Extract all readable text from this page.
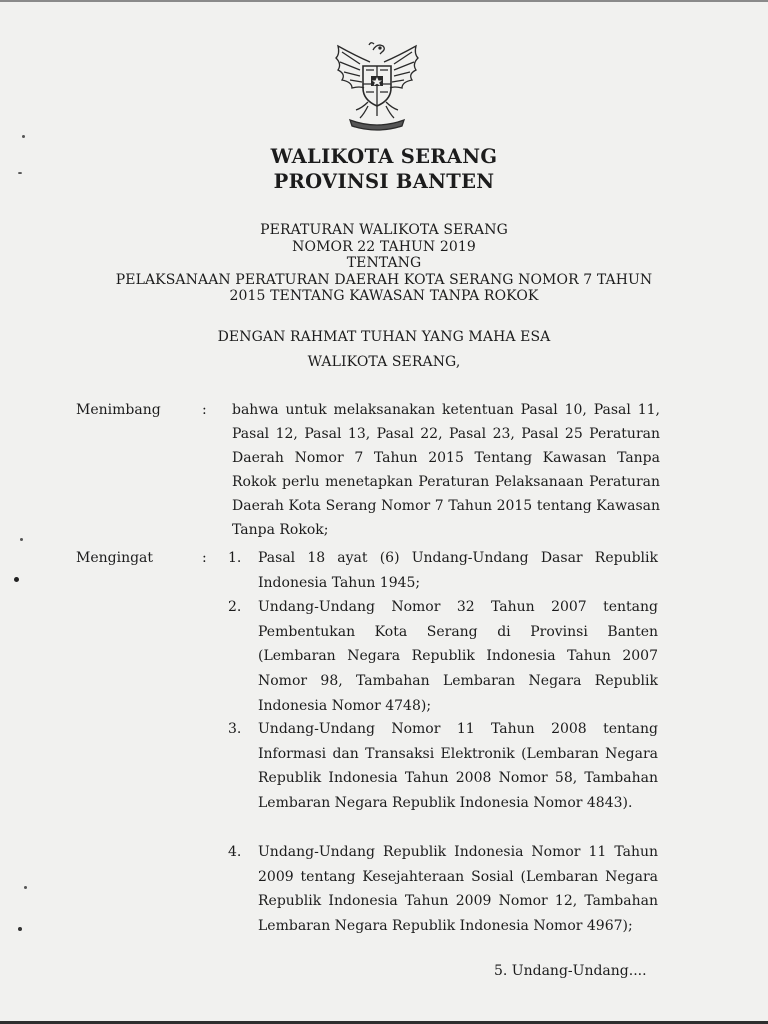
WALIKOTA SERANG
PROVINSI BANTEN
PERATURAN WALIKOTA SERANG
NOMOR 22 TAHUN 2019
TENTANG
PELAKSANAAN PERATURAN DAERAH KOTA SERANG NOMOR 7 TAHUN
2015 TENTANG KAWASAN TANPA ROKOK
DENGAN RAHMAT TUHAN YANG MAHA ESA
WALIKOTA SERANG,
Menimbang	: bahwa untuk melaksanakan ketentuan Pasal 10, Pasal 11, Pasal 12, Pasal 13, Pasal 22, Pasal 23, Pasal 25 Peraturan Daerah Nomor 7 Tahun 2015 Tentang Kawasan Tanpa Rokok perlu menetapkan Peraturan Pelaksanaan Peraturan Daerah Kota Serang Nomor 7 Tahun 2015 tentang Kawasan Tanpa Rokok;
Mengingat	: 1. Pasal 18 ayat (6) Undang-Undang Dasar Republik Indonesia Tahun 1945;
2. Undang-Undang Nomor 32 Tahun 2007 tentang Pembentukan Kota Serang di Provinsi Banten (Lembaran Negara Republik Indonesia Tahun 2007 Nomor 98, Tambahan Lembaran Negara Republik Indonesia Nomor 4748);
3. Undang-Undang Nomor 11 Tahun 2008 tentang Informasi dan Transaksi Elektronik (Lembaran Negara Republik Indonesia Tahun 2008 Nomor 58, Tambahan Lembaran Negara Republik Indonesia Nomor 4843).
4. Undang-Undang Republik Indonesia Nomor 11 Tahun 2009 tentang Kesejahteraan Sosial (Lembaran Negara Republik Indonesia Tahun 2009 Nomor 12, Tambahan Lembaran Negara Republik Indonesia Nomor 4967);
5. Undang-Undang....
